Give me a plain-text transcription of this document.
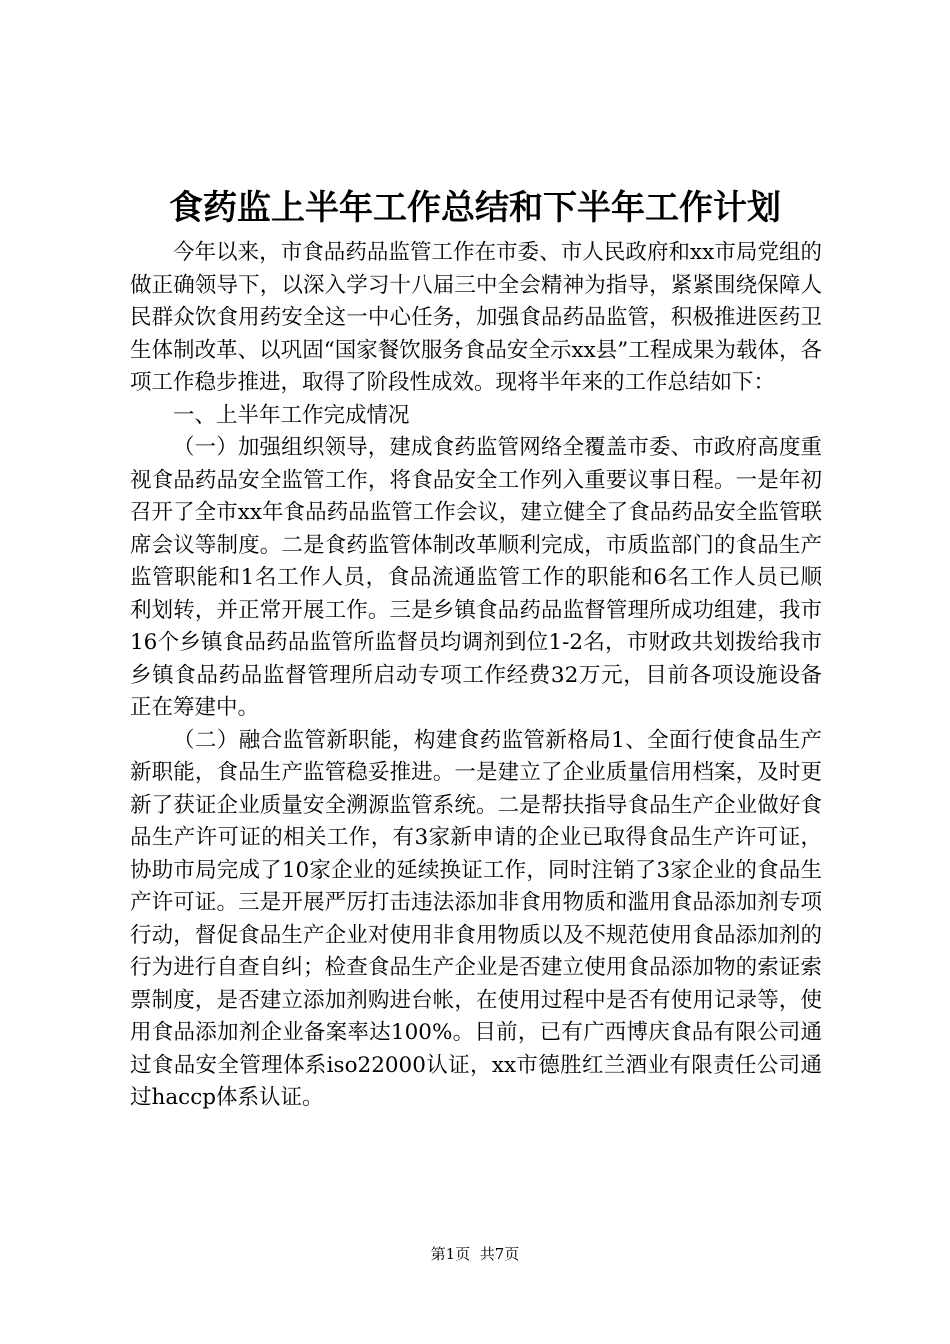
食药监上半年工作总结和下半年工作计划

今年以来，市食品药品监管工作在市委、市人民政府和xx市局党组的做正确领导下，以深入学习十八届三中全会精神为指导，紧紧围绕保障人民群众饮食用药安全这一中心任务，加强食品药品监管，积极推进医药卫生体制改革、以巩固“国家餐饮服务食品安全示xx县”工程成果为载体，各项工作稳步推进，取得了阶段性成效。现将半年来的工作总结如下：

一、上半年工作完成情况

（一）加强组织领导，建成食药监管网络全覆盖市委、市政府高度重视食品药品安全监管工作，将食品安全工作列入重要议事日程。一是年初召开了全市xx年食品药品监管工作会议，建立健全了食品药品安全监管联席会议等制度。二是食药监管体制改革顺利完成，市质监部门的食品生产监管职能和1名工作人员，食品流通监管工作的职能和6名工作人员已顺利划转，并正常开展工作。三是乡镇食品药品监督管理所成功组建，我市16个乡镇食品药品监管所监督员均调剂到位1-2名，市财政共划拨给我市乡镇食品药品监督管理所启动专项工作经费32万元，目前各项设施设备正在筹建中。

（二）融合监管新职能，构建食药监管新格局1、全面行使食品生产新职能，食品生产监管稳妥推进。一是建立了企业质量信用档案，及时更新了获证企业质量安全溯源监管系统。二是帮扶指导食品生产企业做好食品生产许可证的相关工作，有3家新申请的企业已取得食品生产许可证，协助市局完成了10家企业的延续换证工作，同时注销了3家企业的食品生产许可证。三是开展严厉打击违法添加非食用物质和滥用食品添加剂专项行动，督促食品生产企业对使用非食用物质以及不规范使用食品添加剂的行为进行自查自纠；检查食品生产企业是否建立使用食品添加物的索证索票制度，是否建立添加剂购进台帐，在使用过程中是否有使用记录等，使用食品添加剂企业备案率达100%。目前，已有广西博庆食品有限公司通过食品安全管理体系iso22000认证，xx市德胜红兰酒业有限责任公司通过haccp体系认证。

第1页 共7页
